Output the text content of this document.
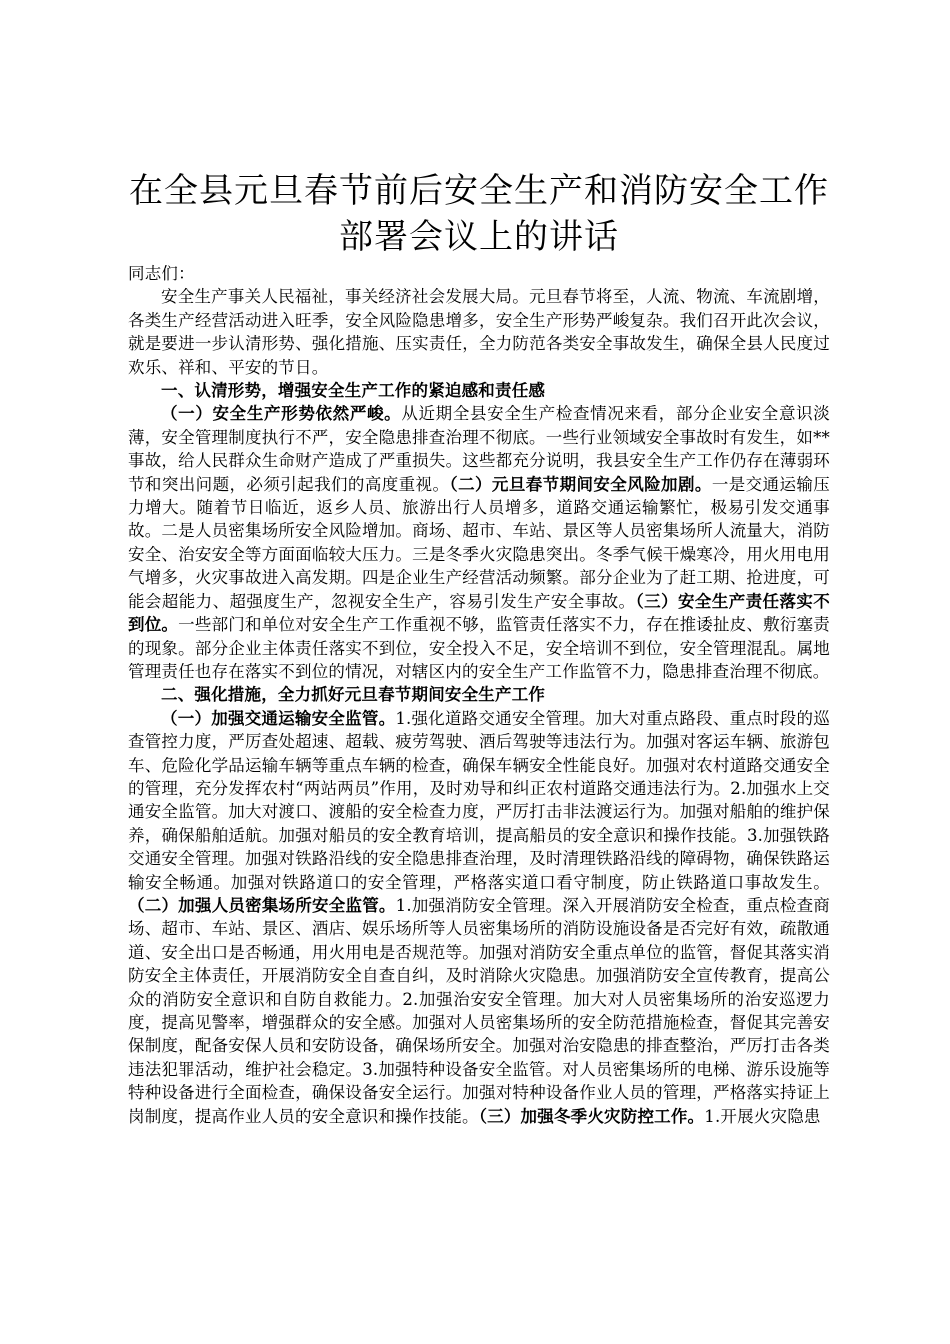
在全县元旦春节前后安全生产和消防安全工作
部署会议上的讲话

同志们：

安全生产事关人民福祉，事关经济社会发展大局。元旦春节将至，人流、物流、车流剧增，各类生产经营活动进入旺季，安全风险隐患增多，安全生产形势严峻复杂。我们召开此次会议，就是要进一步认清形势、强化措施、压实责任，全力防范各类安全事故发生，确保全县人民度过欢乐、祥和、平安的节日。

一、认清形势，增强安全生产工作的紧迫感和责任感

（一）安全生产形势依然严峻。从近期全县安全生产检查情况来看，部分企业安全意识淡薄，安全管理制度执行不严，安全隐患排查治理不彻底。一些行业领域安全事故时有发生，如**事故，给人民群众生命财产造成了严重损失。这些都充分说明，我县安全生产工作仍存在薄弱环节和突出问题，必须引起我们的高度重视。（二）元旦春节期间安全风险加剧。一是交通运输压力增大。随着节日临近，返乡人员、旅游出行人员增多，道路交通运输繁忙，极易引发交通事故。二是人员密集场所安全风险增加。商场、超市、车站、景区等人员密集场所人流量大，消防安全、治安安全等方面面临较大压力。三是冬季火灾隐患突出。冬季气候干燥寒冷，用火用电用气增多，火灾事故进入高发期。四是企业生产经营活动频繁。部分企业为了赶工期、抢进度，可能会超能力、超强度生产，忽视安全生产，容易引发生产安全事故。（三）安全生产责任落实不到位。一些部门和单位对安全生产工作重视不够，监管责任落实不力，存在推诿扯皮、敷衍塞责的现象。部分企业主体责任落实不到位，安全投入不足，安全培训不到位，安全管理混乱。属地管理责任也存在落实不到位的情况，对辖区内的安全生产工作监管不力，隐患排查治理不彻底。

二、强化措施，全力抓好元旦春节期间安全生产工作

（一）加强交通运输安全监管。1.强化道路交通安全管理。加大对重点路段、重点时段的巡查管控力度，严厉查处超速、超载、疲劳驾驶、酒后驾驶等违法行为。加强对客运车辆、旅游包车、危险化学品运输车辆等重点车辆的检查，确保车辆安全性能良好。加强对农村道路交通安全的管理，充分发挥农村“两站两员”作用，及时劝导和纠正农村道路交通违法行为。2.加强水上交通安全监管。加大对渡口、渡船的安全检查力度，严厉打击非法渡运行为。加强对船舶的维护保养，确保船舶适航。加强对船员的安全教育培训，提高船员的安全意识和操作技能。3.加强铁路交通安全管理。加强对铁路沿线的安全隐患排查治理，及时清理铁路沿线的障碍物，确保铁路运输安全畅通。加强对铁路道口的安全管理，严格落实道口看守制度，防止铁路道口事故发生。（二）加强人员密集场所安全监管。1.加强消防安全管理。深入开展消防安全检查，重点检查商场、超市、车站、景区、酒店、娱乐场所等人员密集场所的消防设施设备是否完好有效，疏散通道、安全出口是否畅通，用火用电是否规范等。加强对消防安全重点单位的监管，督促其落实消防安全主体责任，开展消防安全自查自纠，及时消除火灾隐患。加强消防安全宣传教育，提高公众的消防安全意识和自防自救能力。2.加强治安安全管理。加大对人员密集场所的治安巡逻力度，提高见警率，增强群众的安全感。加强对人员密集场所的安全防范措施检查，督促其完善安保制度，配备安保人员和安防设备，确保场所安全。加强对治安隐患的排查整治，严厉打击各类违法犯罪活动，维护社会稳定。3.加强特种设备安全监管。对人员密集场所的电梯、游乐设施等特种设备进行全面检查，确保设备安全运行。加强对特种设备作业人员的管理，严格落实持证上岗制度，提高作业人员的安全意识和操作技能。（三）加强冬季火灾防控工作。1.开展火灾隐患
